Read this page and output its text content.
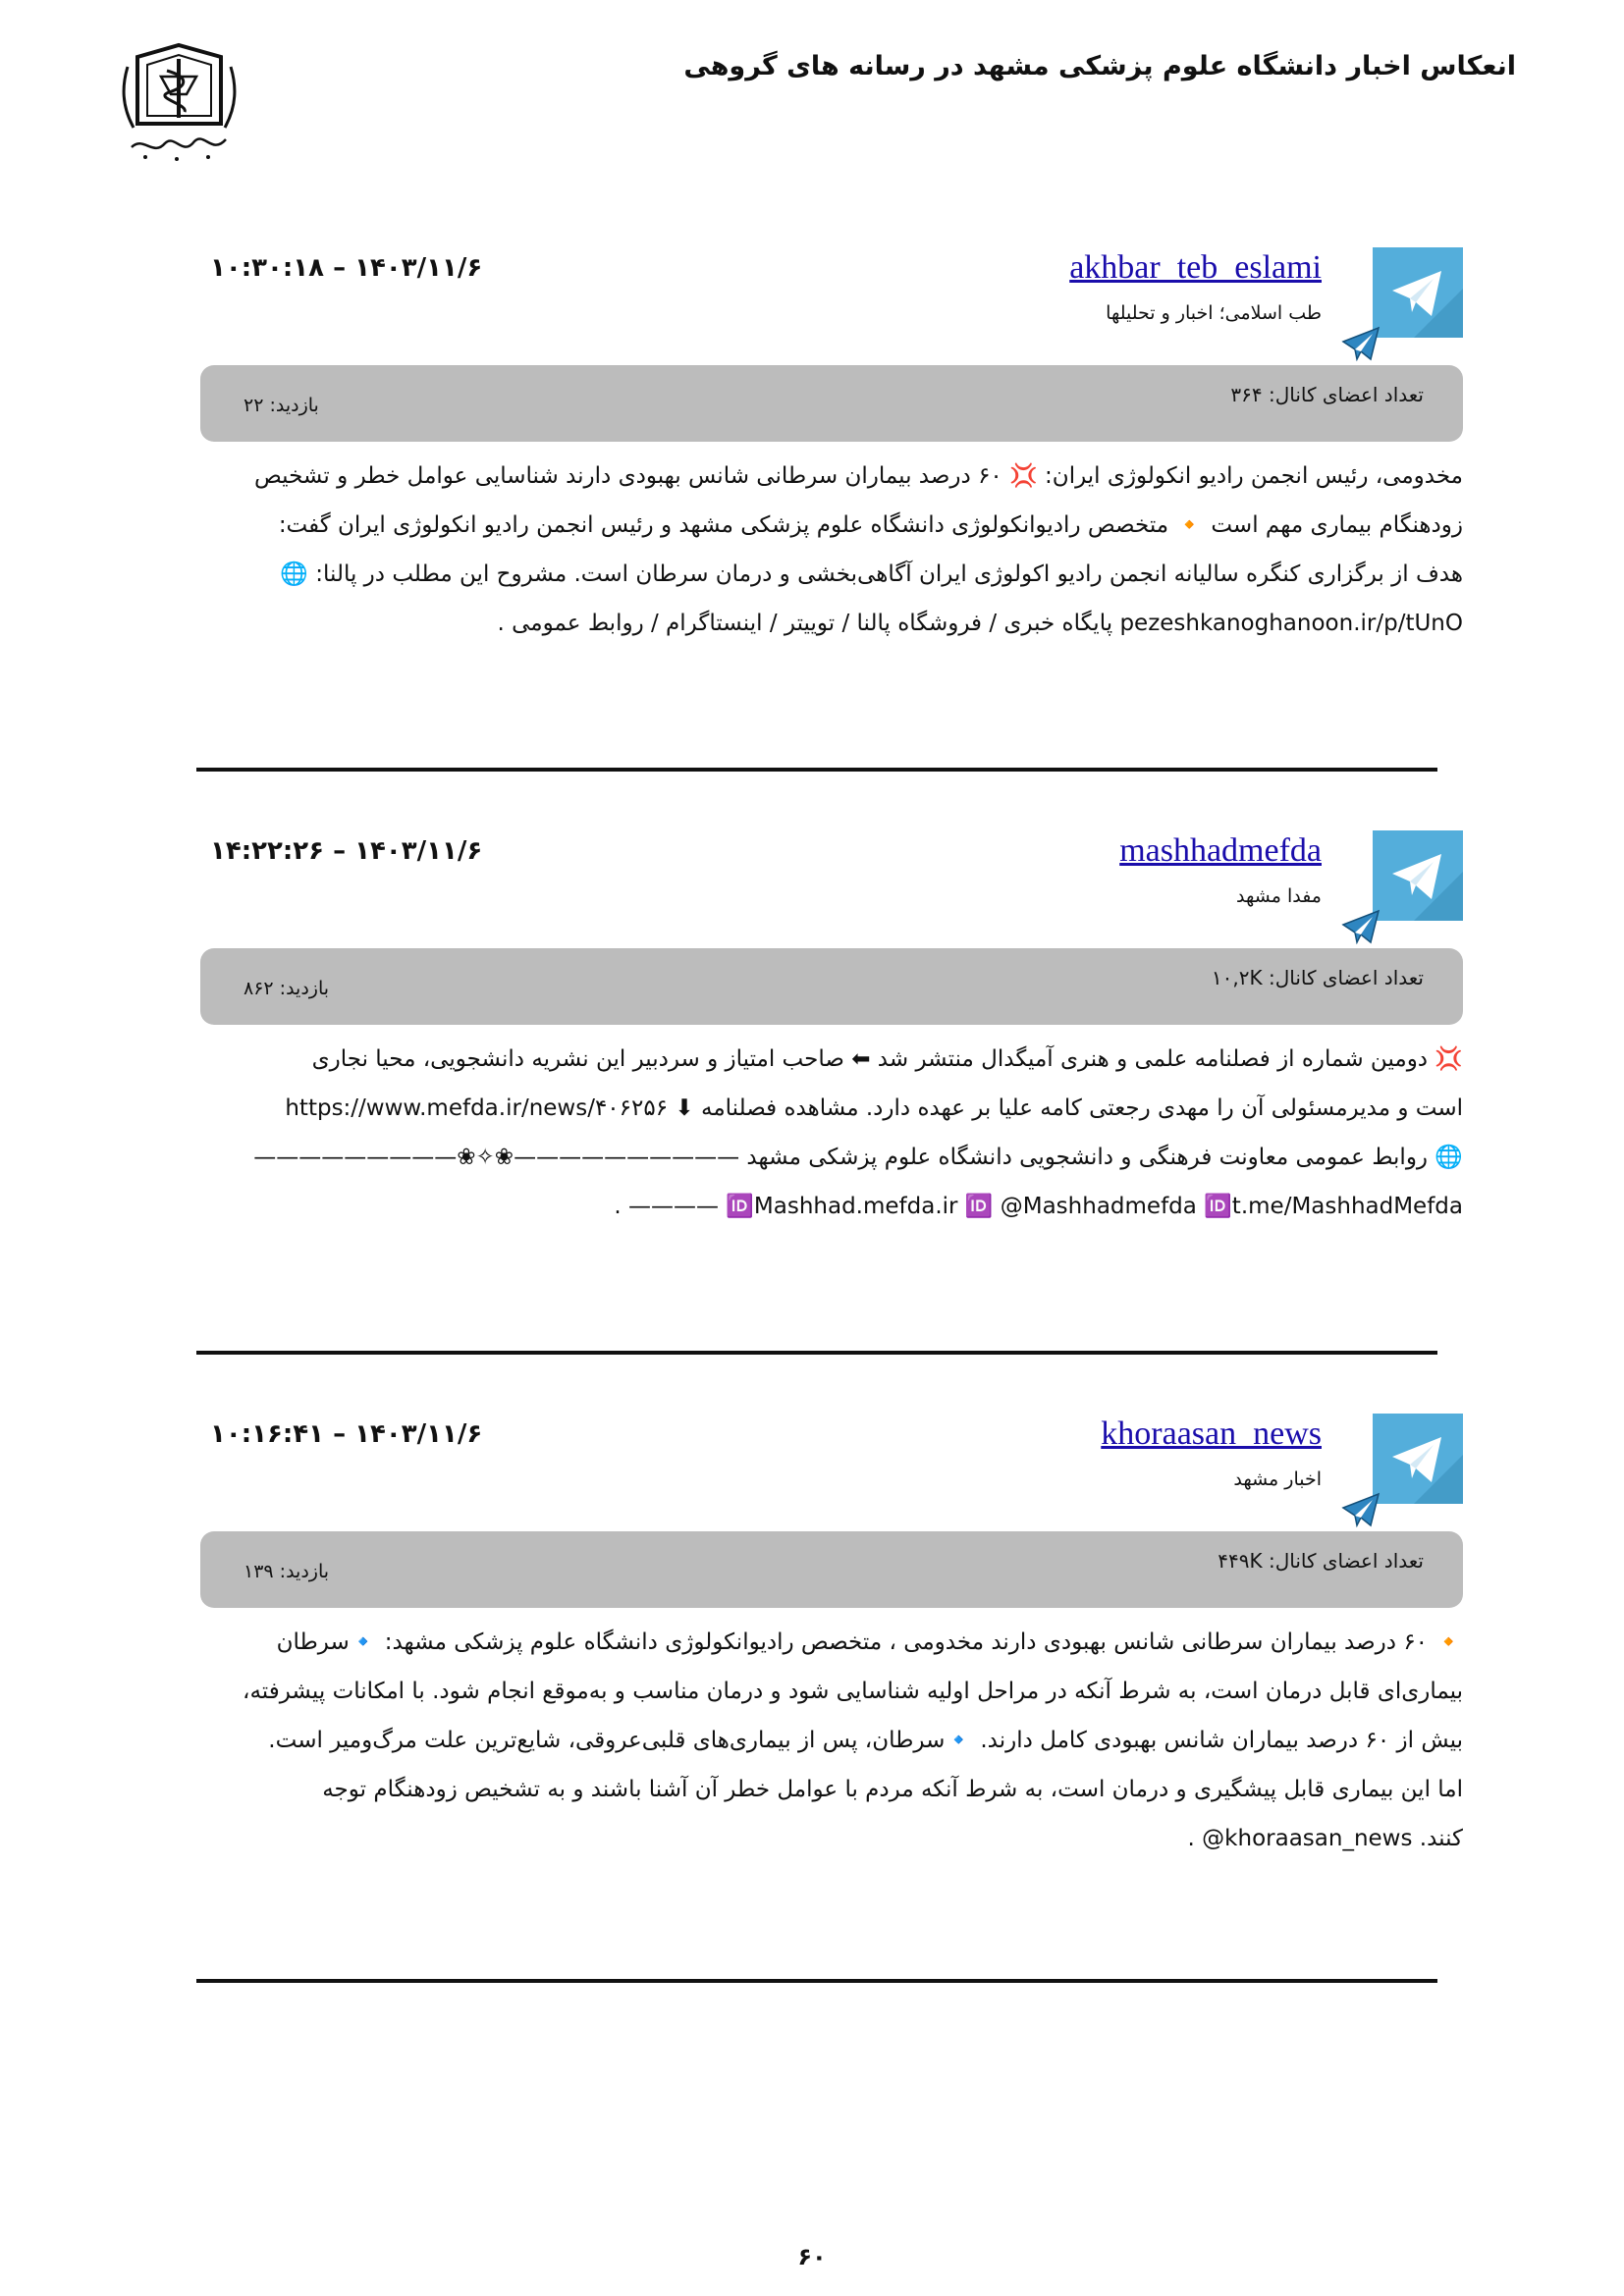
انعکاس اخبار دانشگاه علوم پزشکی مشهد در رسانه های گروهی
akhbar_teb_eslami
طب اسلامی؛ اخبار و تحلیلها
۱۴۰۳/۱۱/۶ – ۱۰:۳۰:۱۸
تعداد اعضای کانال: ۳۶۴
بازدید: ۲۲
مخدومی، رئیس انجمن رادیو انکولوژی ایران: 💢 ۶۰ درصد بیماران سرطانی شانس بهبودی دارند شناسایی عوامل خطر و تشخیص
زودهنگام بیماری مهم است 🔸 متخصص رادیوانکولوژی دانشگاه علوم پزشکی مشهد و رئیس انجمن رادیو انکولوژی ایران گفت:
هدف از برگزاری کنگره سالیانه انجمن رادیو اکولوژی ایران آگاهی‌بخشی و درمان سرطان است. مشروح این مطلب در پالنا: 🌐
pezeshkanoghanoon.ir/p/tUnO پایگاه خبری / فروشگاه پالنا / توییتر / اینستاگرام / روابط عمومی .
mashhadmefda
مفدا مشهد
۱۴۰۳/۱۱/۶ – ۱۴:۲۲:۲۶
تعداد اعضای کانال: ۱۰,۲K
بازدید: ۸۶۲
💢 دومین شماره از فصلنامه علمی و هنری آمیگدال منتشر شد ⬅ صاحب امتیاز و سردبیر این نشریه دانشجویی، محیا نجاری
است و مدیرمسئولی آن را مهدی رجعتی کامه علیا بر عهده دارد. مشاهده فصلنامه ⬇ https://www.mefda.ir/news/۴۰۶۲۵۶
🌐 روابط عمومی معاونت فرهنگی و دانشجویی دانشگاه علوم پزشکی مشهد ——————————❀✧❀—————————
🆔Mashhad.mefda.ir 🆔 @Mashhadmefda 🆔t.me/MashhadMefda ———— .
khoraasan_news
اخبار مشهد
۱۴۰۳/۱۱/۶ – ۱۰:۱۶:۴۱
تعداد اعضای کانال: ۴۴۹K
بازدید: ۱۳۹
🔸 ۶۰ درصد بیماران سرطانی شانس بهبودی دارند مخدومی ، متخصص رادیوانکولوژی دانشگاه علوم پزشکی مشهد: 🔹سرطان
بیماری‌ای قابل درمان است، به شرط آنکه در مراحل اولیه شناسایی شود و درمان مناسب و به‌موقع انجام شود. با امکانات پیشرفته،
بیش از ۶۰ درصد بیماران شانس بهبودی کامل دارند. 🔹سرطان، پس از بیماری‌های قلبی‌عروقی، شایع‌ترین علت مرگ‌ومیر است.
اما این بیماری قابل پیشگیری و درمان است، به شرط آنکه مردم با عوامل خطر آن آشنا باشند و به تشخیص زودهنگام توجه
کنند. khoraasan_news@ .
۶۰
